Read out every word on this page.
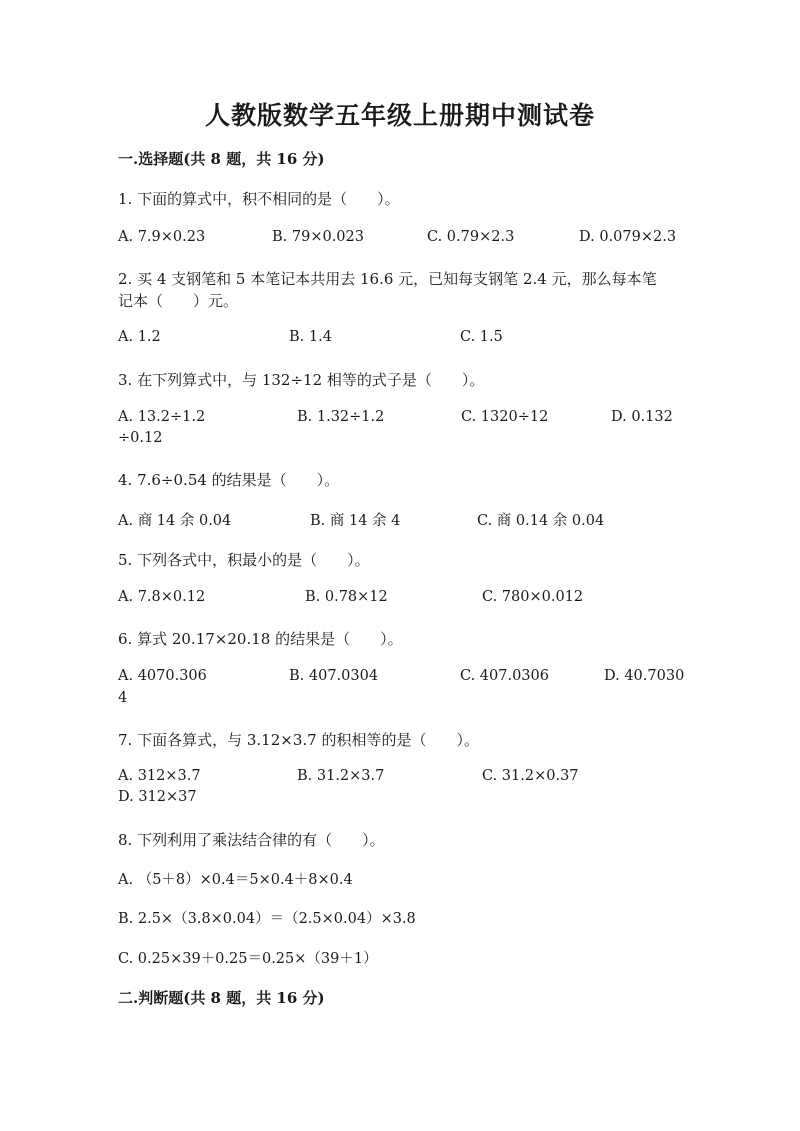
人教版数学五年级上册期中测试卷
一.选择题(共 8 题，共 16 分)
1. 下面的算式中，积不相同的是（　　）。
A. 7.9×0.23	B. 79×0.023	C. 0.79×2.3	D. 0.079×2.3
2. 买 4 支钢笔和 5 本笔记本共用去 16.6 元，已知每支钢笔 2.4 元，那么每本笔
记本（　　）元。
A. 1.2	B. 1.4	C. 1.5
3. 在下列算式中，与 132÷12 相等的式子是（　　）。
A. 13.2÷1.2	B. 1.32÷1.2	C. 1320÷12	D. 0.132
÷0.12
4. 7.6÷0.54 的结果是（　　）。
A. 商 14 余 0.04	B. 商 14 余 4	C. 商 0.14 余 0.04
5. 下列各式中，积最小的是（　　）。
A. 7.8×0.12	B. 0.78×12	C. 780×0.012
6. 算式 20.17×20.18 的结果是（　　）。
A. 4070.306	B. 407.0304	C. 407.0306	D. 40.7030
4
7. 下面各算式，与 3.12×3.7 的积相等的是（　　）。
A. 312×3.7	B. 31.2×3.7	C. 31.2×0.37
D. 312×37
8. 下列利用了乘法结合律的有（　　）。
A. （5＋8）×0.4＝5×0.4＋8×0.4
B. 2.5×（3.8×0.04）＝（2.5×0.04）×3.8
C. 0.25×39＋0.25＝0.25×（39＋1）
二.判断题(共 8 题，共 16 分)
